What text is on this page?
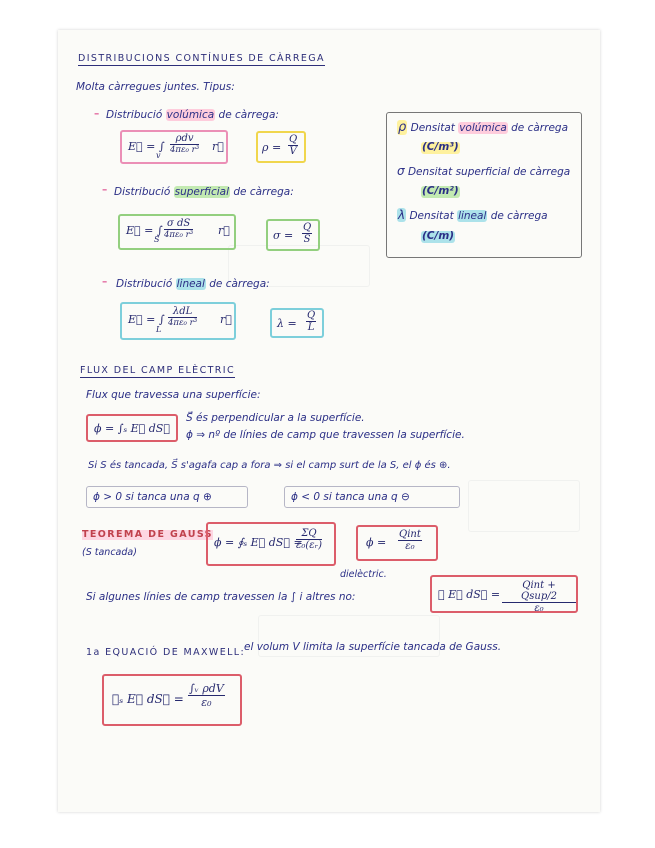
DISTRIBUCIONS CONTÍNUES DE CÀRREGA
Molta càrregues juntes. Tipus:
– Distribució volúmica de càrrega:
E⃗ = ∫
v
ρdv
4πε₀ r³ r⃗	$\rho = \frac{Q}{V}$
– Distribució superficial de càrrega:
E⃗ = ∫
S $\frac{\text{σ dS}}{\text{4πε₀ r³}}$ r⃗	$\sigma = \frac{Q}{S}$
– Distribució lineal de càrrega:
E⃗ = ∫
L
λdL
4πε₀ r³ r⃗	$\lambda = \frac{Q}{L}$
ρ Densitat volúmica de càrrega
(C/m³)
σ Densitat superficial de càrrega
(C/m²)
λ Densitat lineal de càrrega
(C/m)
FLUX DEL CAMP ELÈCTRIC
Flux que travessa una superfície:
ϕ = ∫ₛ E⃗ dS⃗
S⃗ és perpendicular a la superfície.
ϕ ⇒ nº de línies de camp que travessen la superfície.
Si S és tancada, S⃗ s'agafa cap a fora ⇒ si el camp surt de la S, el ϕ és ⊕.
ϕ > 0 si tanca una q ⊕	ϕ < 0 si tanca una q ⊖
TEOREMA DE GAUSS
(S tancada)
ϕ = ∮ₛ E⃗ dS⃗ =
$\frac{\Sigma Q}{\text{ε₀(εᵣ)}}$	ϕ =
Qint
ε₀
dielèctric.
Si algunes línies de camp travessen la ∫ i altres no:	∮ E⃗ dS⃗ =
Qint + Qsup/2
ε₀
1a EQUACIÓ DE MAXWELL:
el volum V limita la superfície tancada de Gauss.
∮ₛ E⃗ dS⃗ =
∫ᵥ ρdV
ε₀
